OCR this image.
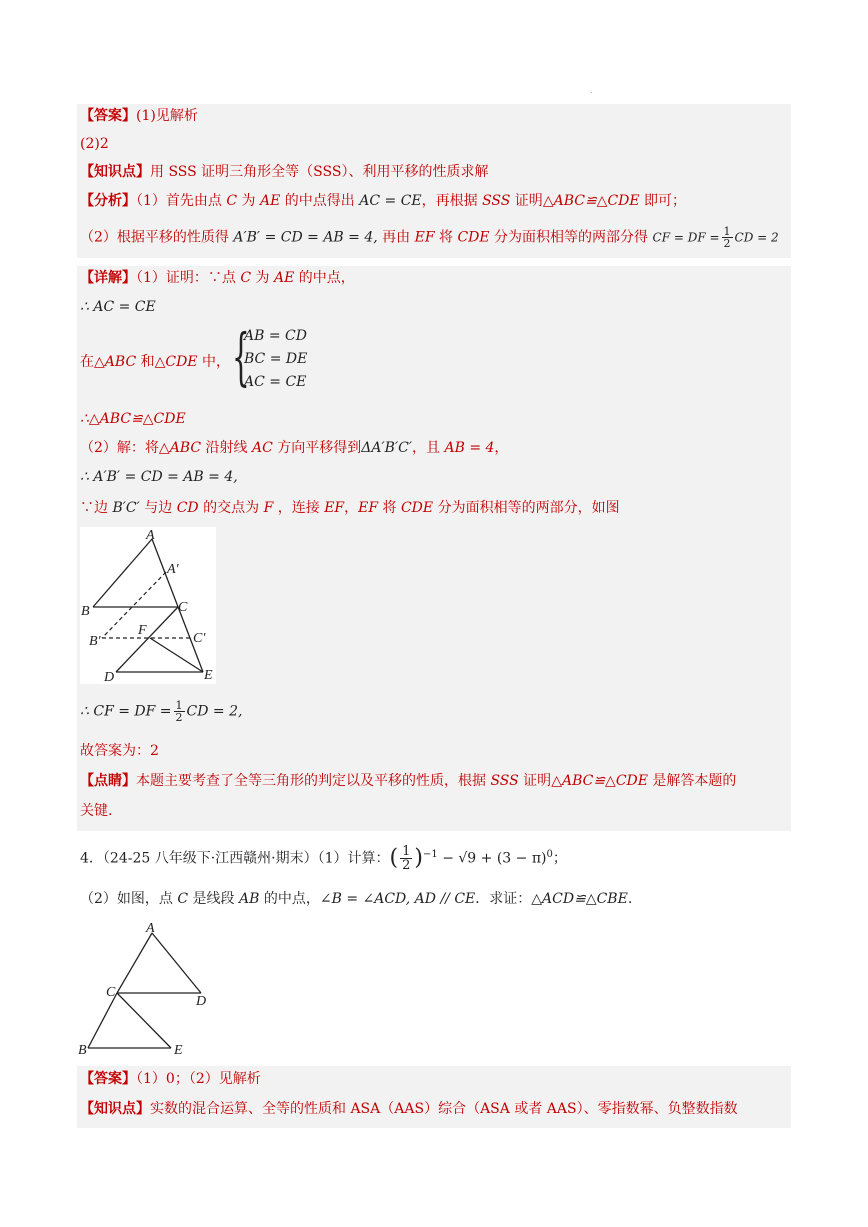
.
【答案】(1)见解析
(2)2
【知识点】用 SSS 证明三角形全等（SSS）、利用平移的性质求解
【分析】（1）首先由点 C 为 AE 的中点得出 AC = CE，再根据 SSS 证明△ABC≌△CDE 即可；
（2）根据平移的性质得 A′B′ = CD = AB = 4, 再由 EF 将 CDE 分为面积相等的两部分得 CF = DF = $\frac{1}{2}$ CD = 2
【详解】（1）证明：∵点 C 为 AE 的中点，
∴ AC = CE
在△ABC 和△CDE 中， {
AB = CD
BC = DE
AC = CE
∴△ABC≌△CDE
（2）解：将△ABC 沿射线 AC 方向平移得到ΔA′B′C′，且 AB = 4，
∴ A′B′ = CD = AB = 4,
∵边 B′C′ 与边 CD 的交点为 F ，连接 EF，EF 将 CDE 分为面积相等的两部分，如图
A
A′
B	C
B′
F
C′
D	E
∴ CF = DF = $\frac{1}{2}$ CD = 2,
故答案为：2
【点睛】本题主要考查了全等三角形的判定以及平移的性质，根据 SSS 证明△ABC≌△CDE 是解答本题的
关键.
4．（24-25 八年级下·江西赣州·期末）（1）计算：( $\frac{1}{2} )^{-1} - √9 + (3 - \pi)^0$；
（2）如图，点 C 是线段 AB 的中点，∠B = ∠ACD, AD // CE．求证：△ACD≌△CBE.
A
C
D
B	E
【答案】（1）0；（2）见解析
【知识点】实数的混合运算、全等的性质和 ASA（AAS）综合（ASA 或者 AAS）、零指数幂、负整数指数
